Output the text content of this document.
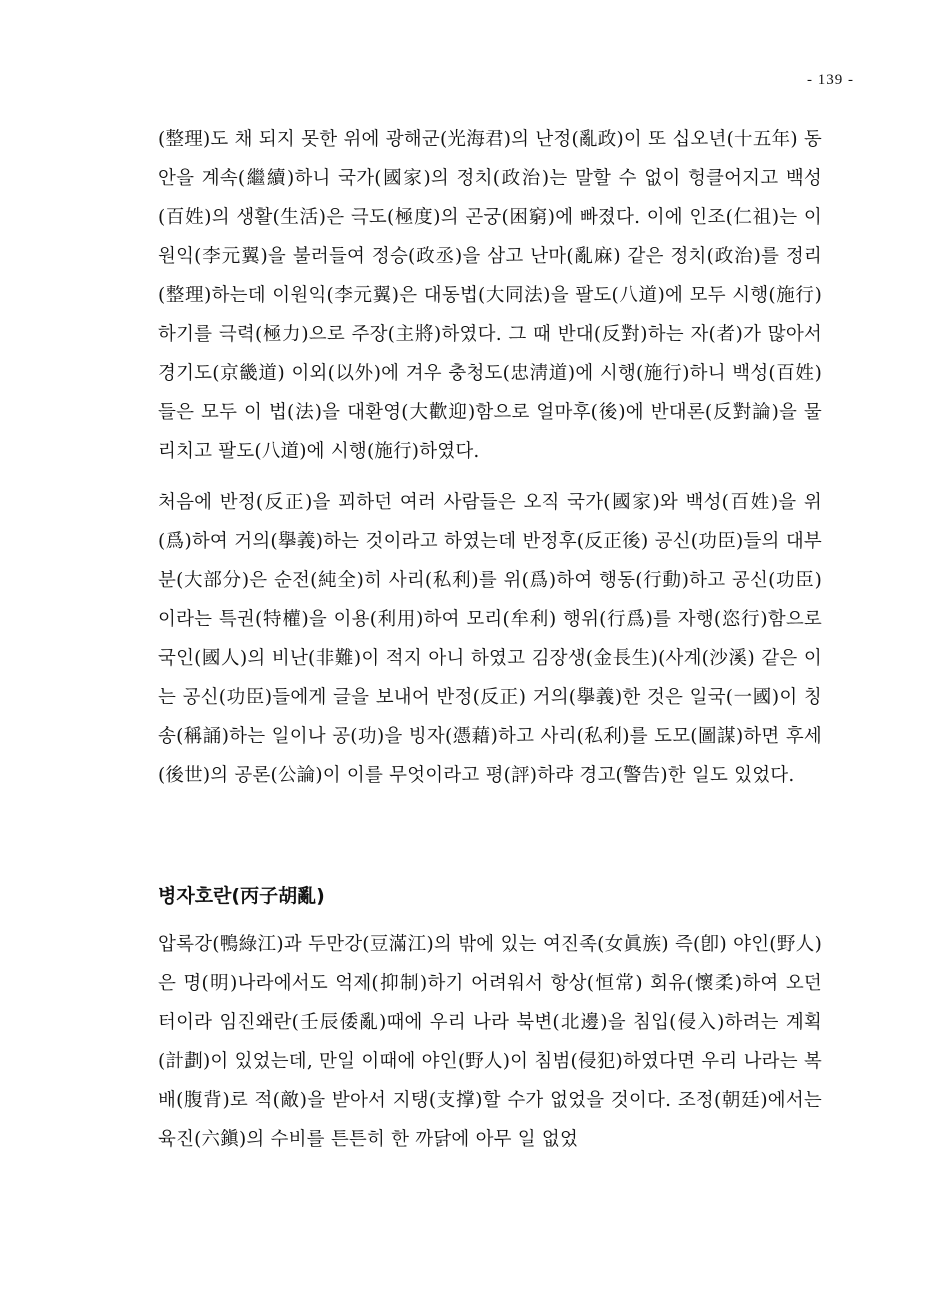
- 139 -

(整理)도 채 되지 못한 위에 광해군(光海君)의 난정(亂政)이 또 십오년(十五年) 동안을 계속(繼續)하니 국가(國家)의 정치(政治)는 말할 수 없이 헝클어지고 백성(百姓)의 생활(生活)은 극도(極度)의 곤궁(困窮)에 빠졌다. 이에 인조(仁祖)는 이원익(李元翼)을 불러들여 정승(政丞)을 삼고 난마(亂麻) 같은 정치(政治)를 정리(整理)하는데 이원익(李元翼)은 대동법(大同法)을 팔도(八道)에 모두 시행(施行)하기를 극력(極力)으로 주장(主將)하였다. 그 때 반대(反對)하는 자(者)가 많아서 경기도(京畿道) 이외(以外)에 겨우 충청도(忠淸道)에 시행(施行)하니 백성(百姓)들은 모두 이 법(法)을 대환영(大歡迎)함으로 얼마후(後)에 반대론(反對論)을 물리치고 팔도(八道)에 시행(施行)하였다.

처음에 반정(反正)을 꾀하던 여러 사람들은 오직 국가(國家)와 백성(百姓)을 위(爲)하여 거의(擧義)하는 것이라고 하였는데 반정후(反正後) 공신(功臣)들의 대부분(大部分)은 순전(純全)히 사리(私利)를 위(爲)하여 행동(行動)하고 공신(功臣)이라는 특권(特權)을 이용(利用)하여 모리(牟利) 행위(行爲)를 자행(恣行)함으로 국인(國人)의 비난(非難)이 적지 아니 하였고 김장생(金長生)(사계(沙溪) 같은 이는 공신(功臣)들에게 글을 보내어 반정(反正) 거의(擧義)한 것은 일국(一國)이 칭송(稱誦)하는 일이나 공(功)을 빙자(憑藉)하고 사리(私利)를 도모(圖謀)하면 후세(後世)의 공론(公論)이 이를 무엇이라고 평(評)하랴 경고(警告)한 일도 있었다.

병자호란(丙子胡亂)

압록강(鴨綠江)과 두만강(豆滿江)의 밖에 있는 여진족(女眞族) 즉(卽) 야인(野人)은 명(明)나라에서도 억제(抑制)하기 어려워서 항상(恒常) 회유(懷柔)하여 오던 터이라 임진왜란(壬辰倭亂)때에 우리 나라 북변(北邊)을 침입(侵入)하려는 계획(計劃)이 있었는데, 만일 이때에 야인(野人)이 침범(侵犯)하였다면 우리 나라는 복배(腹背)로 적(敵)을 받아서 지탱(支撑)할 수가 없었을 것이다. 조정(朝廷)에서는 육진(六鎭)의 수비를 튼튼히 한 까닭에 아무 일 없었
